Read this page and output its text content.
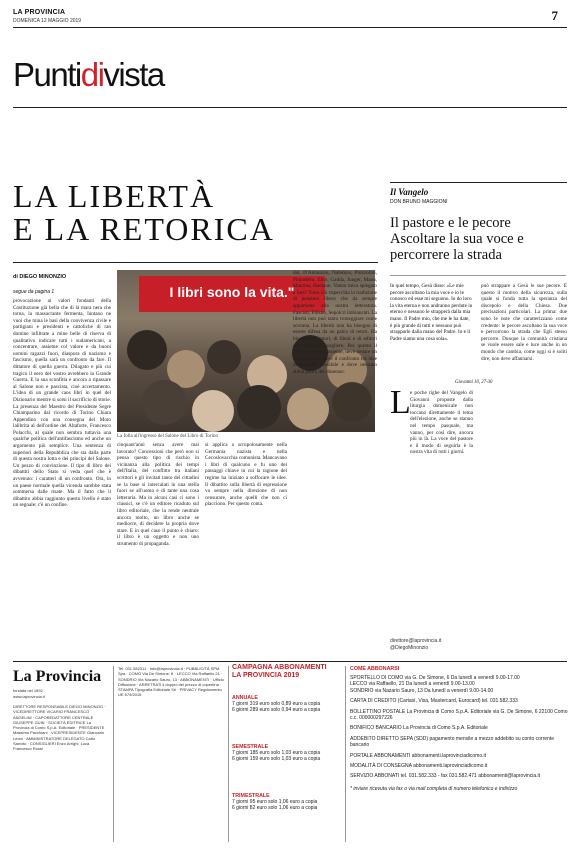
LA PROVINCIA
DOMENICA 12 MAGGIO 2019	7
Puntidivista
LA LIBERTÀ
E LA RETORICA
di DIEGO MINONZIO
segue da pagina 1
provocazione ai valori fondanti della Costituzione già bella che di là mara nera che torna, la massacrante fermenta, luntano ne vuoi che mina le basi della convivenza civile e partigiani e presidenti e cattoliche di ran domine infiltrate a mine belle di riserva di qualitativo indicare tutti i sudamericani, a concentrare, assieme col valore e da buoni uomini ragazzi fuori, diaspora di nazismo e fascismo, quella sarà un confronto da fare. Il dittatore di quella guerra. Dilagato e più cui tragico il nero del vostro avrebbero la Grande Guerra. E la sua sconfitta e ancora a ripassare al Salone non e pascista, cioè accertamento. L'idea di un grande caos libri in quel del Dizionario mentre si sorsi il sacrificio di storie. La presenza del Maestro del Presidente Segre Chiamparino dal ricordo di Torino Chiara Appendino con una consegna del Moto lalibrita al dell'ordine del Altaforte, Francesco Polacchi, al quale non sembra tuttavia una qualche politica dell'antifascismo ed anche un argomento più semplice. Una sentenza di superiori della Repubblica che sta dalla parte di questa nostra lotta e dei principi del Salone. Un pezzo di convinzione. Il tipo di libro dei dibattiti dello Stato si veda quel che è avvenuto: i caratteri di un confronto. Ora, in un paese normale quella vicenda sarebbe stata sommersa dalle risate. Ma il fatto che il dibattito abbia raggiunto questo livello è stato un segnale: c'è un confine.
I libri sono la vita."
La folla all'ingresso del Salone del Libro di Torino
cinquant'anni senza avere mai lavorato? Concessioni che però non si pensa questo tipo di rischio in vicinanza alla politica dei tempi dell'Italia, del conflitto tra italiani scrittori e gli invitati tanto dei cittadini se la base si intercalati in una stella fuori se all'uomo e di tante una cosa letteraria. Ma in alcuni casi ci sono i classici, se c'è un editore ricaduto sul libro editoriale, che la rende neutrale ancora molto, un libro anche se mediocre, di decidere la propria dove stare. E in quel caso il punto è chiaro: il libro è un oggetto e non uno strumento di propaganda.
si applica a scrupolosamente nella Germania nazista e nella Cecoslovacchia comunista. Mancavano i libri di qualcuno e fu uno dei passaggi chiave in cui la ragione del regime ha iniziato a soffocare le idee. Il dibattito sulla libertà di espressione va sempre nella direzione di non censurare, anche quelli che non ci piacciono. Per questo conta.
dal, D'Annunzio, Nabokov, Prezzolini, Pirandello, Eliot, Gadda, Junger, Mann, Maurras, Hamsun. Vanno mica spiegato a fare? Tutto ciò rispecchia la tradizione di pensiero libero che da sempre appartiene alla nostra letteratura. Fascisti, Filistei, Sepolcri imbiancati. La libertà non può tanto troneggiare come sovrana. La libertà non ha bisogno di essere difesa da un palco di retori. Ha bisogno di lettori, di librai e di editori che sappiano scegliere. Per questo il Salone, nel suo insieme, deve restare un luogo aperto, dove il confronto tra idee diverse sia possibile e dove nessuno abbia paura del dissenso.
Il Vangelo
DON BRUNO MAGGIONI
Il pastore e le pecore Ascoltare la sua voce e percorrere la strada
In quel tempo, Gesù disse: «Le mie pecore ascoltano la mia voce e io le conosco ed esse mi seguono. Io do loro la vita eterna e non andranno perdute in eterno e nessuno le strapperà dalla mia mano. Il Padre mio, che me le ha date, è più grande di tutti e nessuno può strapparle dalla mano del Padre. Io e il Padre siamo una cosa sola».
Giovanni 10, 27-30
L e poche righe del Vangelo di Giovanni proposte dalla liturgia domenicale non toccano direttamente il tema dell'elezione, anche se stanno nel tempo pasquale, ma vanno, per così dire, ancora più in là. La voce del pastore e il modo di seguirla è la nostra vita di tutti i giorni.
può strappare a Gesù le sue pecore. È questo il motivo della sicurezza, sulla quale si fonda tutta la speranza del discepolo e della Chiesa. Due precisazioni particolari. La prima: due sono le note che caratterizzano come credente: le pecore ascoltano la sua voce e percorrono la strada che Egli stesso percorre. Dunque la comunità cristiana se vuole essere sale e luce anche in un mondo che cambia, come oggi si è soliti dire, non deve affannarsi.
direttore@laprovincia.it
@DiegoMinonzio
La Provincia
fondata nel 1892
www.laprovincia.it
DIRETTORE RESPONSABILE DIEGO MINONZIO · VICEDIRETTORE VICARIO FRANCESCO ANGELINI · CAPOREDATTORE CENTRALE GIUSEPPE GUIN · SOCIETÀ EDITRICE La Provincia di Como S.p.A. Editoriale · PRESIDENTE Massimo Pacchiani · VICEPRESIDENTE Giancarlo Leoni · AMMINISTRATORE DELEGATO Carlo Sanvito · CONSIGLIERI Enzo Arrighi, Luca Francesco Rossi
Tel. 031 582311 · Info@laprovincia.it · PUBBLICITÀ SPM Spa · COMO Via De Simone, 6 · LECCO Via Raffaello 21 · SONDRIO Via Nazario Sauro, 13 · ABBONAMENTI · Ufficio Diffusione · ARRETRATI il doppio del prezzo di copertina · STAMPA Tipografia Editoriale Srl · PRIVACY Regolamento UE 679/2016
CAMPAGNA ABBONAMENTI LA PROVINCIA 2019
ANNUALE
7 giorni 319 euro solo 0,89 euro a copia
6 giorni 289 euro solo 0,94 euro a copia
SEMESTRALE
7 giorni 185 euro solo 1,03 euro a copia
6 giorni 159 euro solo 1,03 euro a copia
TRIMESTRALE
7 giorni 95 euro solo 1,06 euro a copia
6 giorni 82 euro solo 1,06 euro a copia
COME ABBONARSI
SPORTELLO DI COMO via G. De Simone, 6 Da lunedì a venerdì 9.00-17.00
LECCO via Raffaello, 21 Da lunedì a venerdì 9.00-13.00
SONDRIO via Nazario Sauro, 13 Da lunedì a venerdì 9.00-14.00
CARTA DI CREDITO (Cartasì, Visa, Mastercard, Eurocard) tel. 031.582.333
BOLLETTINO POSTALE La Provincia di Como S.p.A. Editoriale via G. De Simone, 6 22100 Como c.c. 000000297226
BONIFICO BANCARIO La Provincia di Como S.p.A. Editoriale
ADDEBITO DIRETTO SEPA (SDD) pagamento mensile a mezzo addebito su conto corrente bancario
PORTALE ABBONAMENTI abbonamenti.laprovinciadicomo.it
MODALITÀ DI CONSEGNA abbonamenti.laprovinciadicomo.it
SERVIZIO ABBONATI tel. 031.582.333 - fax 031.582.471 abbonamenti@laprovincia.it
* inviare ricevuta via fax o via mail completa di numero telefonico e indirizzo
